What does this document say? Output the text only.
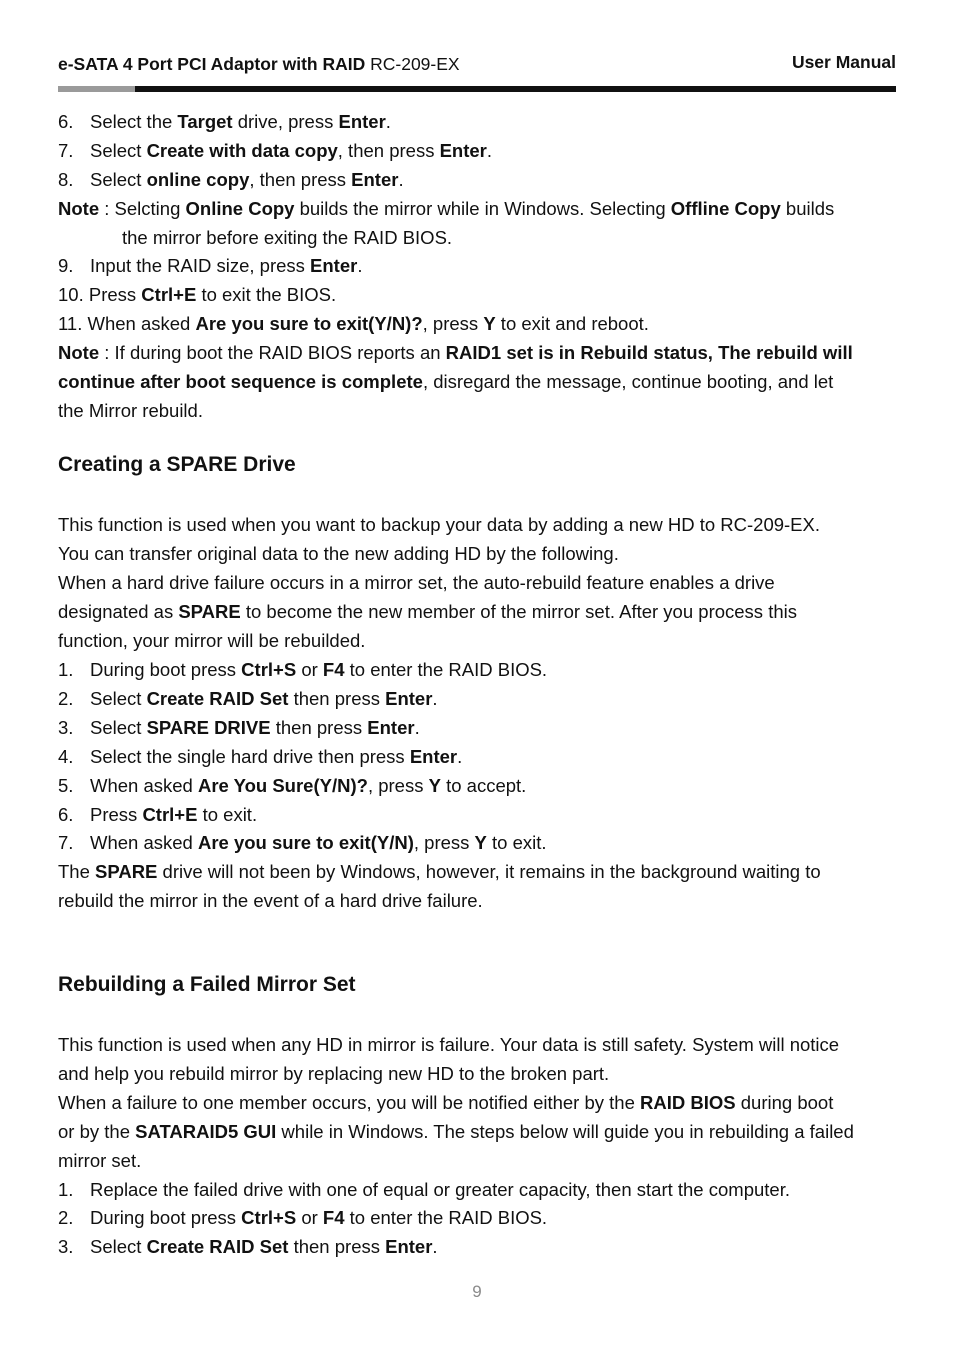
e-SATA 4 Port PCI Adaptor with RAID RC-209-EX	User Manual
6. Select the Target drive, press Enter.
7. Select Create with data copy, then press Enter.
8. Select online copy, then press Enter.
Note : Selcting Online Copy builds the mirror while in Windows. Selecting Offline Copy builds
the mirror before exiting the RAID BIOS.
9. Input the RAID size, press Enter.
10. Press Ctrl+E to exit the BIOS.
11. When asked Are you sure to exit(Y/N)?, press Y to exit and reboot.
Note : If during boot the RAID BIOS reports an RAID1 set is in Rebuild status, The rebuild will
continue after boot sequence is complete, disregard the message, continue booting, and let
the Mirror rebuild.
Creating a SPARE Drive
This function is used when you want to backup your data by adding a new HD to RC-209-EX.
You can transfer original data to the new adding HD by the following.
When a hard drive failure occurs in a mirror set, the auto-rebuild feature enables a drive
designated as SPARE to become the new member of the mirror set. After you process this
function, your mirror will be rebuilded.
1. During boot press Ctrl+S or F4 to enter the RAID BIOS.
2. Select Create RAID Set then press Enter.
3. Select SPARE DRIVE then press Enter.
4. Select the single hard drive then press Enter.
5. When asked Are You Sure(Y/N)?, press Y to accept.
6. Press Ctrl+E to exit.
7. When asked Are you sure to exit(Y/N), press Y to exit.
The SPARE drive will not been by Windows, however, it remains in the background waiting to
rebuild the mirror in the event of a hard drive failure.
Rebuilding a Failed Mirror Set
This function is used when any HD in mirror is failure. Your data is still safety. System will notice
and help you rebuild mirror by replacing new HD to the broken part.
When a failure to one member occurs, you will be notified either by the RAID BIOS during boot
or by the SATARAID5 GUI while in Windows. The steps below will guide you in rebuilding a failed
mirror set.
1. Replace the failed drive with one of equal or greater capacity, then start the computer.
2. During boot press Ctrl+S or F4 to enter the RAID BIOS.
3. Select Create RAID Set then press Enter.
9
